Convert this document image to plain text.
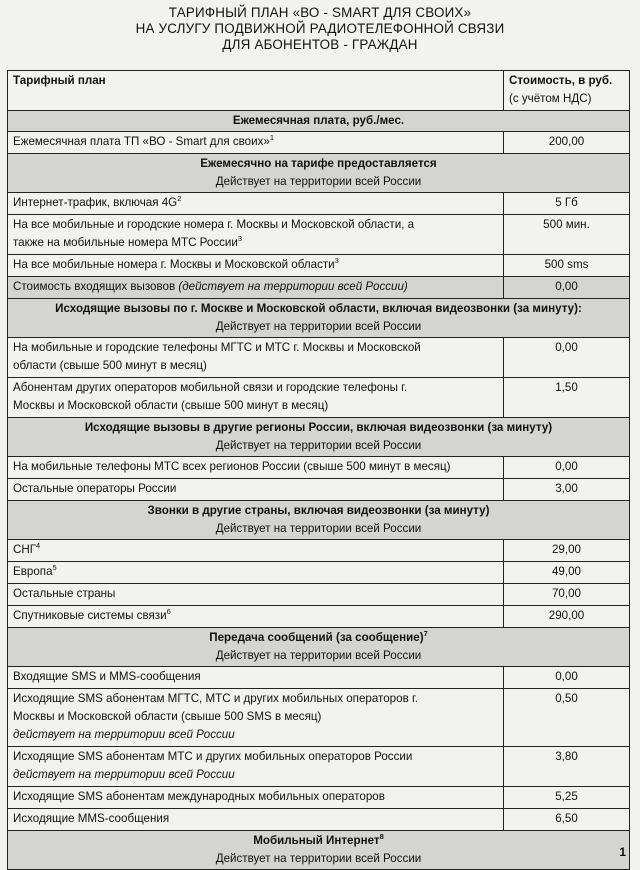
ТАРИФНЫЙ ПЛАН «ВО - SMART ДЛЯ СВОИХ»
НА УСЛУГУ ПОДВИЖНОЙ РАДИОТЕЛЕФОННОЙ СВЯЗИ
ДЛЯ АБОНЕНТОВ - ГРАЖДАН
Тарифный план	Стоимость, в руб.
(с учётом НДС)

Ежемесячная плата, руб./мес.	

Ежемесячная плата ТП «ВО - Smart для своих»$^1$	200,00

Ежемесячно на тарифе предоставляется
Действует на территории всей России	

Интернет-трафик, включая $4G^2$	5 Гб
На все мобильные и городские номера г. Москвы и Московской области, а
также на мобильные номера МТС России$^3$	500 мин.
На все мобильные номера г. Москвы и Московской области$^3$	500 sms
Стоимость входящих вызовов (действует на территории всей России)	0,00

Исходящие вызовы по г. Москве и Московской области, включая видеозвонки (за минуту):
Действует на территории всей России	

На мобильные и городские телефоны МГТС и МТС г. Москвы и Московской
области (свыше 500 минут в месяц)	0,00
Абонентам других операторов мобильной связи и городские телефоны г.
Москвы и Московской области (свыше 500 минут в месяц)	1,50

Исходящие вызовы в другие регионы России, включая видеозвонки (за минуту)
Действует на территории всей России	

На мобильные телефоны МТС всех регионов России (свыше 500 минут в месяц)	0,00
Остальные операторы России	3,00

Звонки в другие страны, включая видеозвонки (за минуту)
Действует на территории всей России	

СНГ$^4$	29,00
Европа$^5$	49,00
Остальные страны	70,00
Спутниковые системы связи$^6$	290,00

Передача сообщений (за сообщение)$^7$
Действует на территории всей России	

Входящие SMS и MMS-сообщения	0,00
Исходящие SMS абонентам МГТС, МТС и других мобильных операторов г.
Москвы и Московской области (свыше 500 SMS в месяц)
действует на территории всей России	0,50
Исходящие SMS абонентам МТС и других мобильных операторов России
действует на территории всей России	3,80
Исходящие SMS абонентам международных мобильных операторов	5,25
Исходящие MMS-сообщения	6,50

Мобильный Интернет$^8$
Действует на территории всей России		1
